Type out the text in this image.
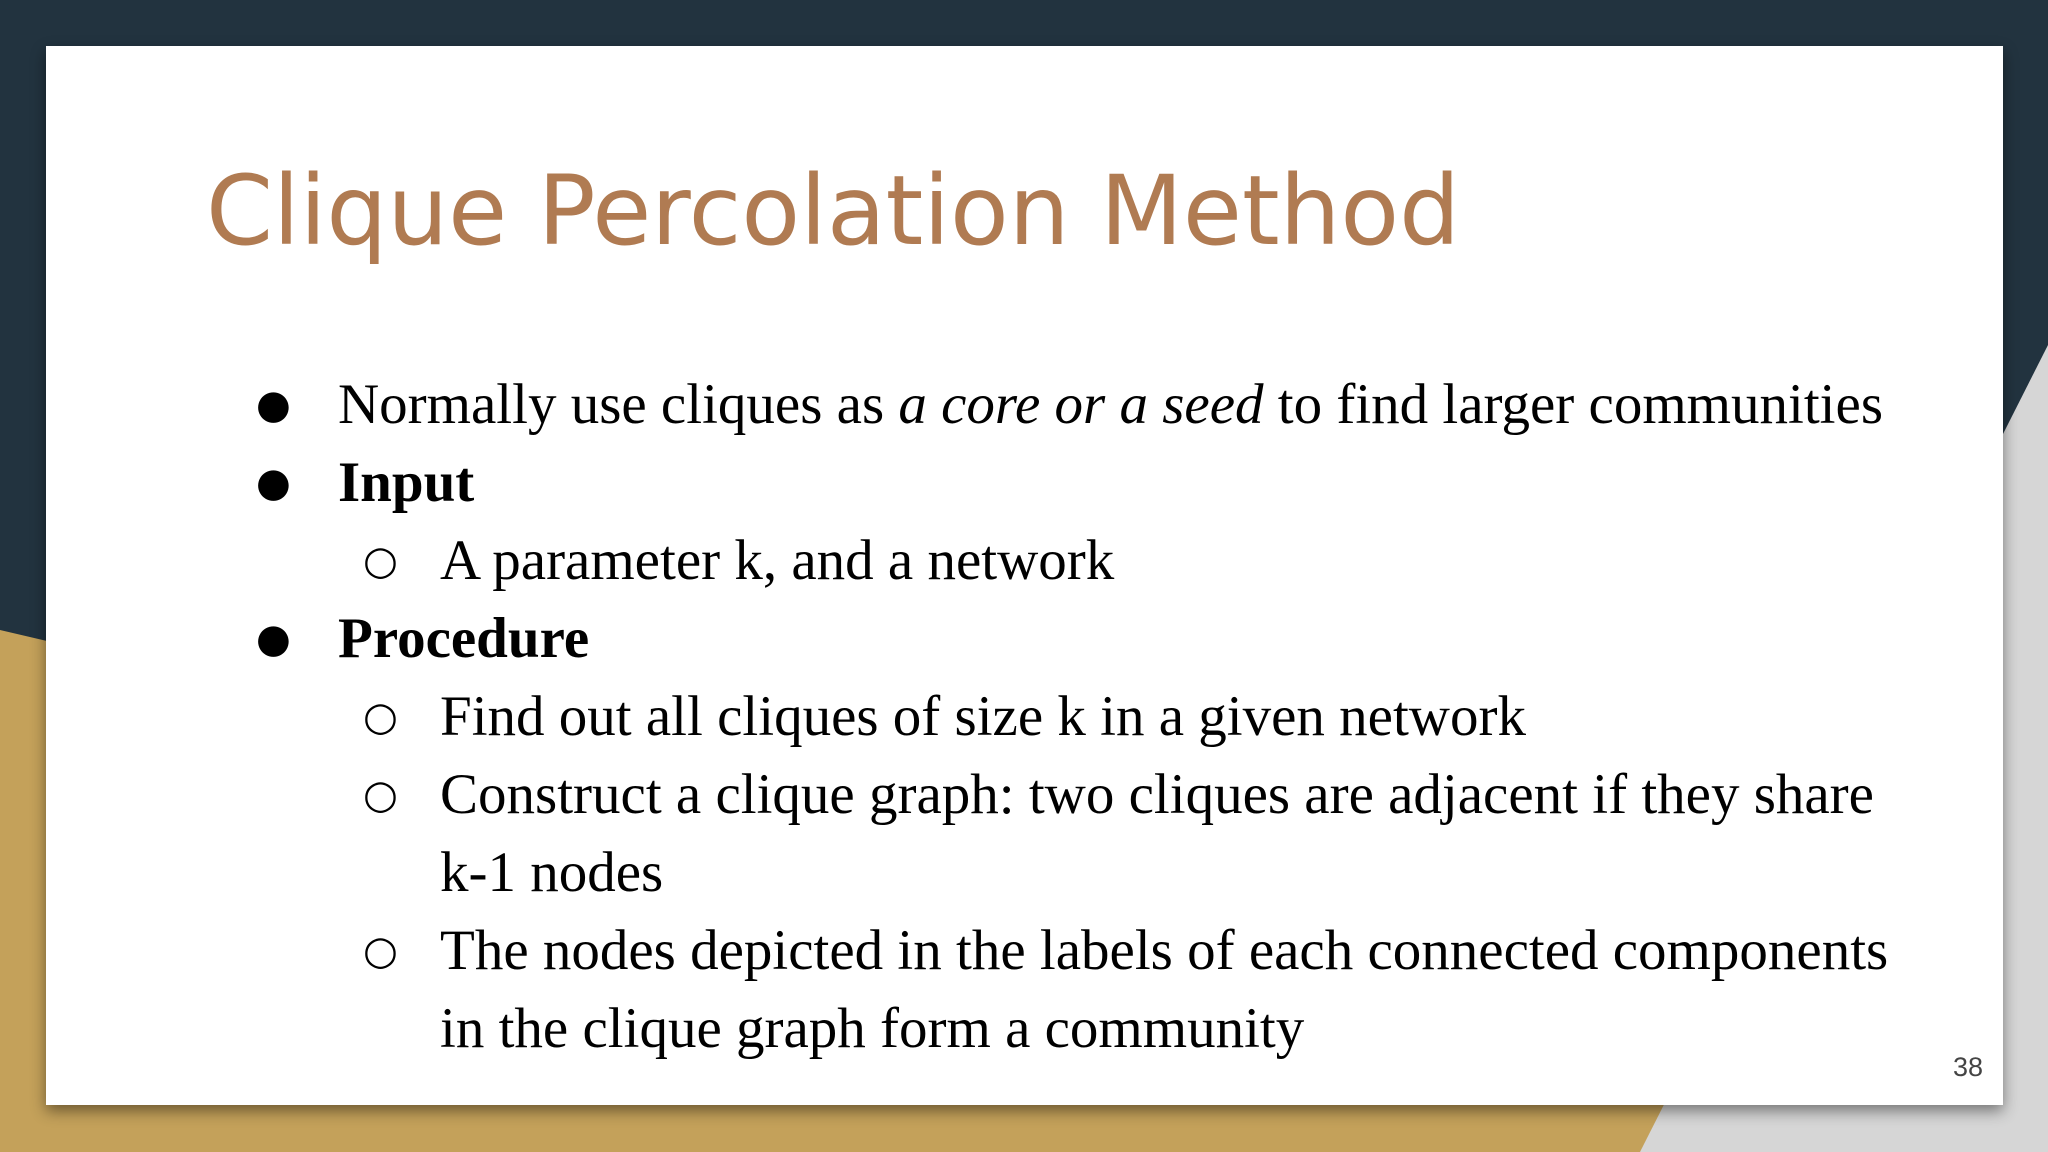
Clique Percolation Method
● Normally use cliques as a core or a seed to find larger communities
● Input
○ A parameter k, and a network
● Procedure
○ Find out all cliques of size k in a given network
○ Construct a clique graph: two cliques are adjacent if they share
k-1 nodes
○ The nodes depicted in the labels of each connected components
in the clique graph form a community
38
